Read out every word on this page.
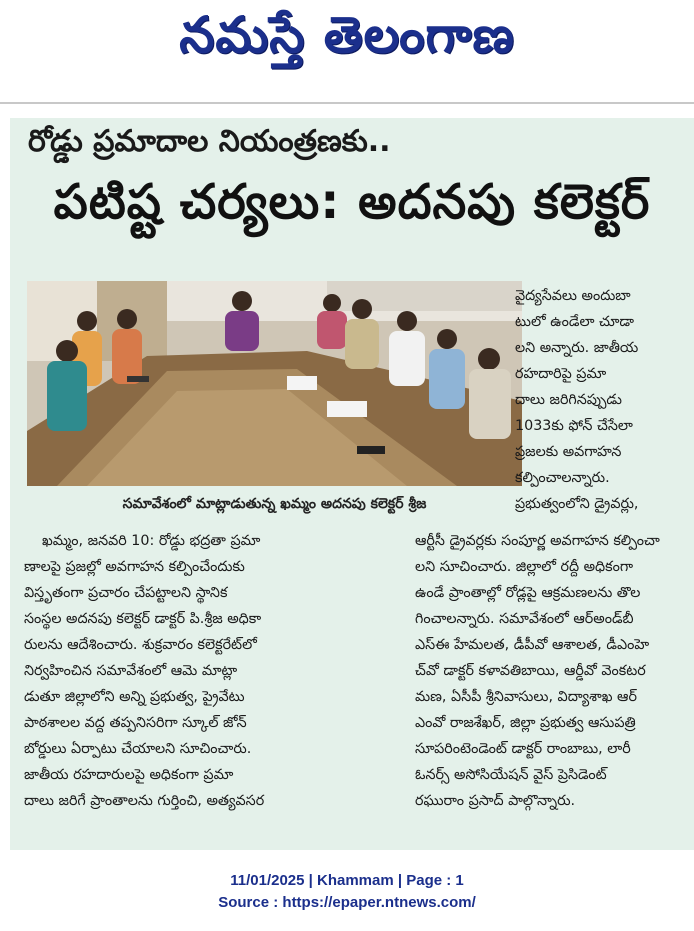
నమస్తే తెలంగాణ
రోడ్డు ప్రమాదాల నియంత్రణకు..
పటిష్ట చర్యలు: అదనపు కలెక్టర్
సమావేశంలో మాట్లాడుతున్న ఖమ్మం అదనపు కలెక్టర్ శ్రీజ

వైద్యసేవలు అందుబా

టులో ఉండేలా చూడా

లని అన్నారు. జాతీయ

రహదారిపై ప్రమా

దాలు జరిగినప్పుడు

1033కు ఫోన్ చేసేలా

ప్రజలకు అవగాహన

కల్పించాలన్నారు.

ప్రభుత్వంలోని డ్రైవర్లు,

ఖమ్మం, జనవరి 10: రోడ్డు భద్రతా ప్రమా

ణాలపై ప్రజల్లో అవగాహన కల్పించేందుకు

విస్తృతంగా ప్రచారం చేపట్టాలని స్థానిక

సంస్థల అదనపు కలెక్టర్ డాక్టర్ పి.శ్రీజ అధికా

రులను ఆదేశించారు. శుక్రవారం కలెక్టరేట్‌లో

నిర్వహించిన సమావేశంలో ఆమె మాట్లా

డుతూ జిల్లాలోని అన్ని ప్రభుత్వ, ప్రైవేటు

పాఠశాలల వద్ద తప్పనిసరిగా స్కూల్ జోన్

బోర్డులు ఏర్పాటు చేయాలని సూచించారు.

జాతీయ రహదారులపై అధికంగా ప్రమా

దాలు జరిగే ప్రాంతాలను గుర్తించి, అత్యవసర

ఆర్టీసీ డ్రైవర్లకు సంపూర్ణ అవగాహన కల్పించా

లని సూచించారు. జిల్లాలో రద్దీ అధికంగా

ఉండే ప్రాంతాల్లో రోడ్లపై ఆక్రమణలను తొల

గించాలన్నారు. సమావేశంలో ఆర్అండ్‌బీ

ఎస్ఈ హేమలత, డీపీవో ఆశాలత, డీఎంహె

చ్‌వో డాక్టర్ కళావతిబాయి, ఆర్డీవో వెంకటర

మణ, ఏసీపీ శ్రీనివాసులు, విద్యాశాఖ ఆర్

ఎంవో రాజశేఖర్, జిల్లా ప్రభుత్వ ఆసుపత్రి

సూపరింటెండెంట్ డాక్టర్ రాంబాబు, లారీ

ఓనర్స్ అసోసియేషన్ వైస్ ప్రెసిడెంట్

రఘురాం ప్రసాద్ పాల్గొన్నారు.

11/01/2025 | Khammam | Page : 1
Source : https://epaper.ntnews.com/
